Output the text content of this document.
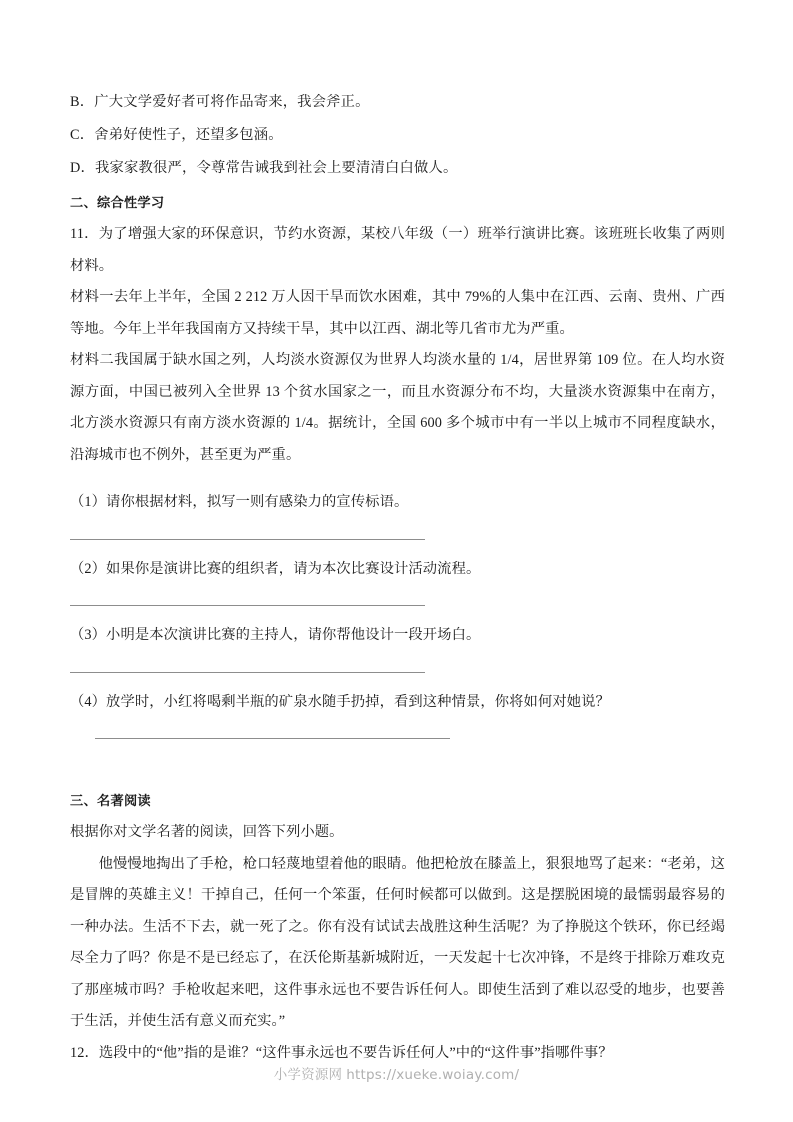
B．广大文学爱好者可将作品寄来，我会斧正。
C．舍弟好使性子，还望多包涵。
D．我家家教很严，令尊常告诫我到社会上要清清白白做人。
二、综合性学习
11．为了增强大家的环保意识，节约水资源，某校八年级（一）班举行演讲比赛。该班班长收集了两则材料。
材料一去年上半年，全国 2 212 万人因干旱而饮水困难，其中 79%的人集中在江西、云南、贵州、广西等地。今年上半年我国南方又持续干旱，其中以江西、湖北等几省市尤为严重。
材料二我国属于缺水国之列，人均淡水资源仅为世界人均淡水量的 1/4，居世界第 109 位。在人均水资源方面，中国已被列入全世界 13 个贫水国家之一，而且水资源分布不均，大量淡水资源集中在南方，北方淡水资源只有南方淡水资源的 1/4。据统计，全国 600 多个城市中有一半以上城市不同程度缺水，沿海城市也不例外，甚至更为严重。
（1）请你根据材料，拟写一则有感染力的宣传标语。
（2）如果你是演讲比赛的组织者，请为本次比赛设计活动流程。
（3）小明是本次演讲比赛的主持人，请你帮他设计一段开场白。
（4）放学时，小红将喝剩半瓶的矿泉水随手扔掉，看到这种情景，你将如何对她说？
三、名著阅读
根据你对文学名著的阅读，回答下列小题。
他慢慢地掏出了手枪，枪口轻蔑地望着他的眼睛。他把枪放在膝盖上，狠狠地骂了起来：“老弟，这是冒牌的英雄主义！干掉自己，任何一个笨蛋，任何时候都可以做到。这是摆脱困境的最懦弱最容易的一种办法。生活不下去，就一死了之。你有没有试试去战胜这种生活呢？为了挣脱这个铁环，你已经竭尽全力了吗？你是不是已经忘了，在沃伦斯基新城附近，一天发起十七次冲锋，不是终于排除万难攻克了那座城市吗？手枪收起来吧，这件事永远也不要告诉任何人。即使生活到了难以忍受的地步，也要善于生活，并使生活有意义而充实。”
12．选段中的“他”指的是谁？“这件事永远也不要告诉任何人”中的“这件事”指哪件事？
小学资源网 https://xueke.woiay.com/
